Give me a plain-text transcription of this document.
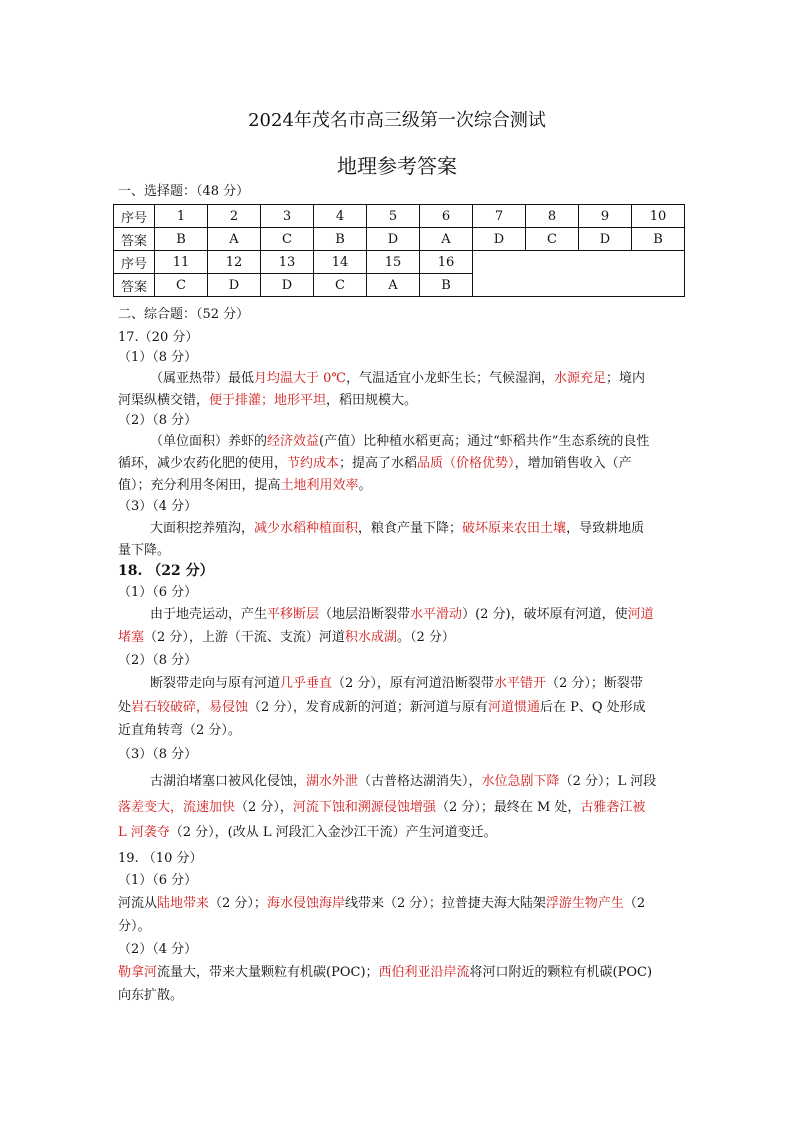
2024年茂名市高三级第一次综合测试
地理参考答案
一、选择题：（48 分）
序号	1	2	3	4	5	6	7	8	9	10
答案	B	A	C	B	D	A	D	C	D	B
序号	11	12	13	14	15	16				
答案	C	D	D	C	A	B				
二、综合题：（52 分）
17.（20 分）
（1）（8 分）
（属亚热带）最低月均温大于 0℃，气温适宜小龙虾生长；气候湿润，水源充足；境内
河渠纵横交错，便于排灌；地形平坦，稻田规模大。
（2）（8 分）
（单位面积）养虾的经济效益(产值）比种植水稻更高；通过“虾稻共作”生态系统的良性
循环，减少农药化肥的使用，节约成本；提高了水稻品质（价格优势），增加销售收入（产
值）；充分利用冬闲田，提高土地利用效率。
（3）（4 分）
大面积挖养殖沟，减少水稻种植面积，粮食产量下降；破坏原来农田土壤，导致耕地质
量下降。
18. （22 分）
（1）（6 分）
由于地壳运动，产生平移断层（地层沿断裂带水平滑动）(2 分)，破坏原有河道，使河道
堵塞（2 分），上游（干流、支流）河道积水成湖。（2 分）
（2）（8 分）
断裂带走向与原有河道几乎垂直（2 分），原有河道沿断裂带水平错开（2 分）；断裂带
处岩石较破碎，易侵蚀（2 分），发育成新的河道；新河道与原有河道惯通后在 P、Q 处形成
近直角转弯（2 分）。
（3）（8 分）
古湖泊堵塞口被风化侵蚀，湖水外泄（古普格达湖消失），水位急剧下降（2 分）；L 河段
落差变大，流速加快（2 分），河流下蚀和溯源侵蚀增强（2 分）；最终在 M 处，古雅砻江被
L 河袭夺（2 分），(改从 L 河段汇入金沙江干流）产生河道变迁。
19. （10 分）
（1）（6 分）
河流从陆地带来（2 分）；海水侵蚀海岸线带来（2 分）；拉普捷夫海大陆架浮游生物产生（2
分）。
（2）（4 分）
勒拿河流量大，带来大量颗粒有机碳(POC)；西伯利亚沿岸流将河口附近的颗粒有机碳(POC)
向东扩散。
